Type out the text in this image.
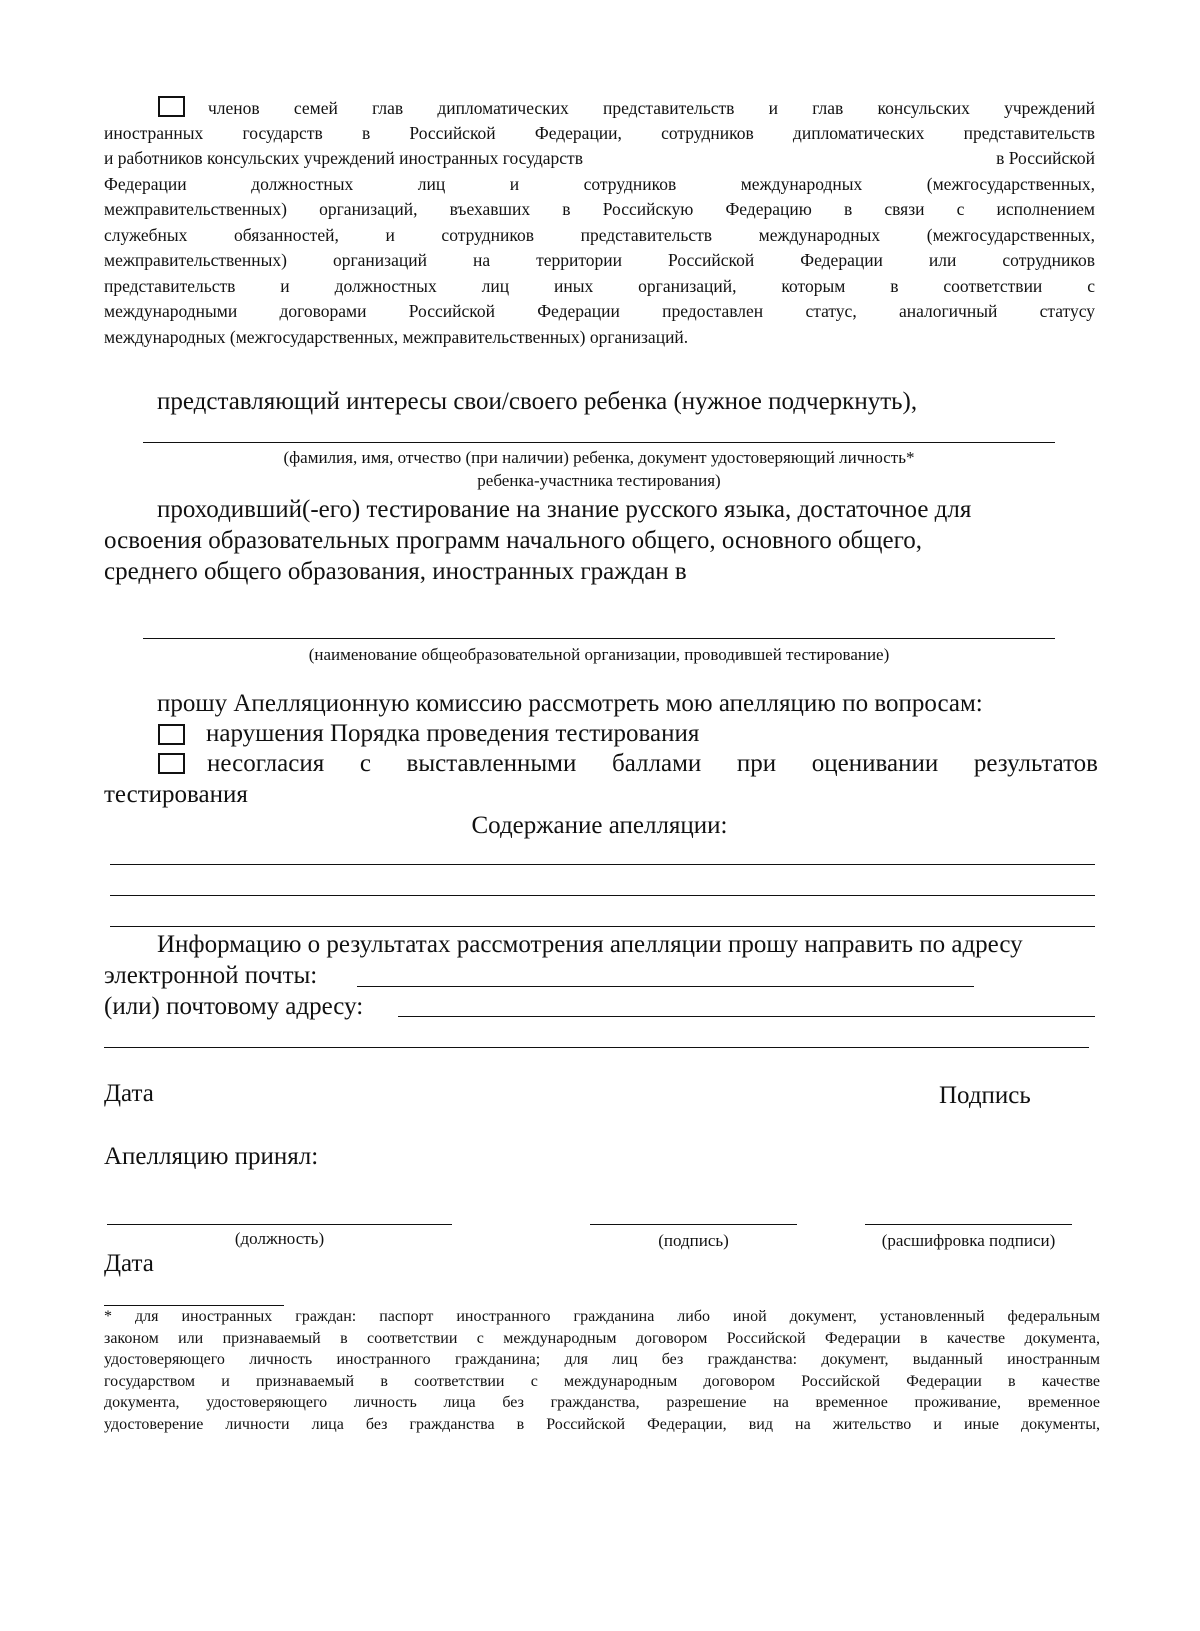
членов семей глав дипломатических представительств и глав консульских учреждений
иностранных государств в Российской Федерации, сотрудников дипломатических представительств
и работников консульских учреждений иностранных государств	в Российской
Федерации должностных лиц и сотрудников международных (межгосударственных,
межправительственных) организаций, въехавших в Российскую Федерацию в связи с исполнением
служебных обязанностей, и сотрудников представительств международных (межгосударственных,
межправительственных) организаций на территории Российской Федерации или сотрудников
представительств и должностных лиц иных организаций, которым в соответствии с
международными договорами Российской Федерации предоставлен статус, аналогичный статусу
международных (межгосударственных, межправительственных) организаций.
представляющий интересы свои/своего ребенка (нужное подчеркнуть),
(фамилия, имя, отчество (при наличии) ребенка, документ удостоверяющий личность*
ребенка-участника тестирования)
проходивший(-его) тестирование на знание русского языка, достаточное для
освоения образовательных программ начального общего, основного общего,
среднего общего образования, иностранных граждан в
(наименование общеобразовательной организации, проводившей тестирование)
прошу Апелляционную комиссию рассмотреть мою апелляцию по вопросам:
нарушения Порядка проведения тестирования
несогласия с выставленными баллами при оценивании результатов
тестирования
Содержание апелляции:
Информацию о результатах рассмотрения апелляции прошу направить по адресу
электронной почты:
(или) почтовому адресу:
Дата	Подпись
Апелляцию принял:
(должность)	(подпись)	(расшифровка подписи)
Дата
* для иностранных граждан: паспорт иностранного гражданина либо иной документ, установленный федеральным
законом или признаваемый в соответствии с международным договором Российской Федерации в качестве документа,
удостоверяющего личность иностранного гражданина; для лиц без гражданства: документ, выданный иностранным
государством и признаваемый в соответствии с международным договором Российской Федерации в качестве
документа, удостоверяющего личность лица без гражданства, разрешение на временное проживание, временное
удостоверение личности лица без гражданства в Российской Федерации, вид на жительство и иные документы,
